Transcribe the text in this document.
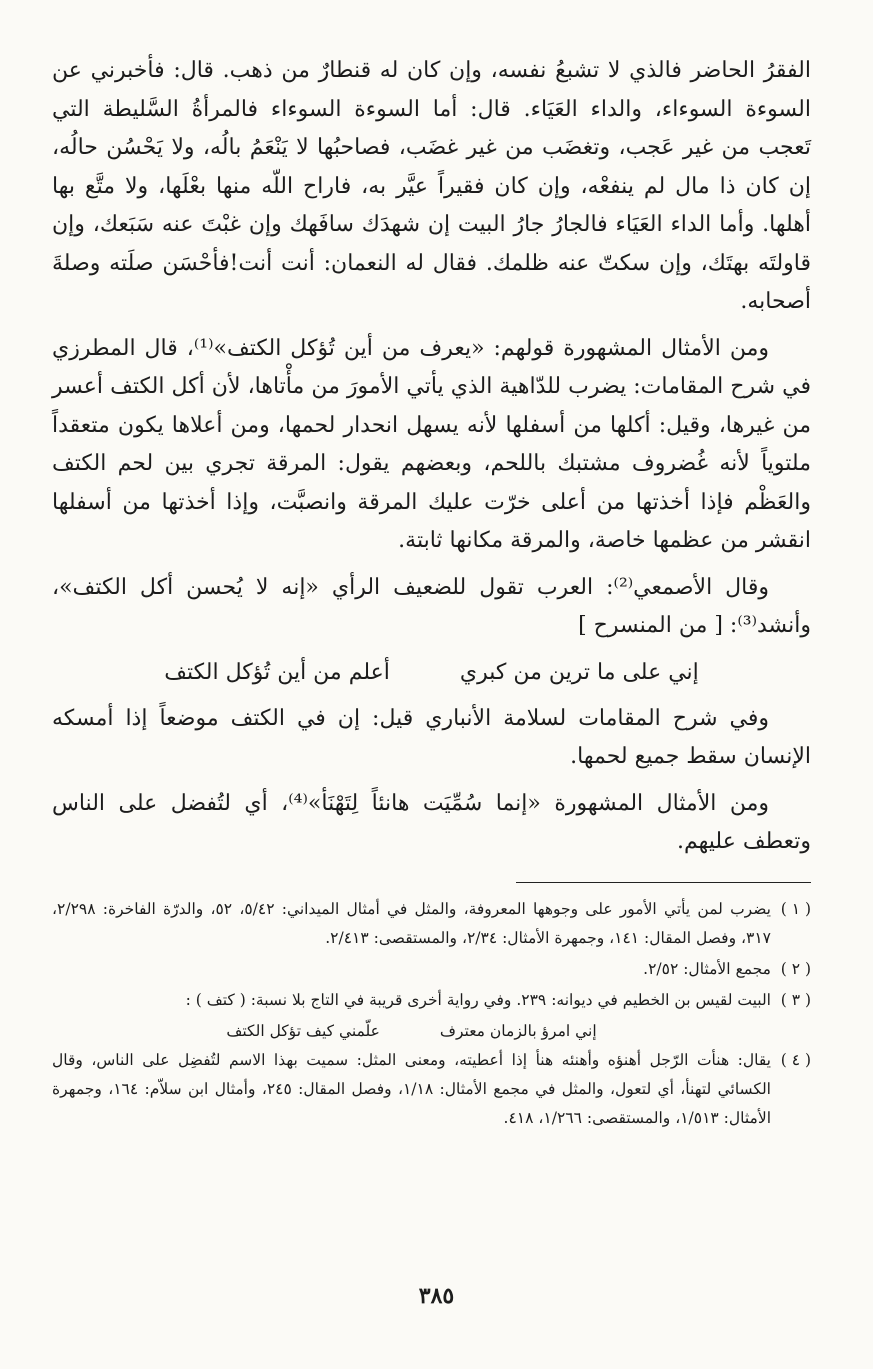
الفقرُ الحاضر فالذي لا تشبعُ نفسه، وإن كان له قنطارٌ من ذهب. قال: فأخبرني عن السوءة السوءاء، والداء العَيَاء. قال: أما السوءة السوءاء فالمرأةُ السَّليطة التي تَعجب من غير عَجب، وتغضَب من غير غضَب، فصاحبُها لا يَنْعَمُ بالُه، ولا يَحْسُن حالُه، إن كان ذا مال لم ينفعْه، وإن كان فقيراً عيَّر به، فاراح اللّه منها بعْلَها، ولا متَّع بها أهلها. وأما الداء العَيَاء فالجارُ جارُ البيت إن شهدَك سافَهك وإن غبْتَ عنه سَبَعك، وإن قاولتَه بهتَك، وإن سكتّ عنه ظلمك. فقال له النعمان: أنت أنت!فأحْسَن صلَته وصلةَ أصحابه.

ومن الأمثال المشهورة قولهم: «يعرف من أين تُؤكل الكتف»⁽¹⁾، قال المطرزي في شرح المقامات: يضرب للدّاهية الذي يأتي الأمورَ من مأْتاها، لأن أكل الكتف أعسر من غيرها، وقيل: أكلها من أسفلها لأنه يسهل انحدار لحمها، ومن أعلاها يكون متعقداً ملتوياً لأنه غُضروف مشتبك باللحم، وبعضهم يقول: المرقة تجري بين لحم الكتف والعَظْم فإذا أخذتها من أعلى خرّت عليك المرقة وانصبَّت، وإذا أخذتها من أسفلها انقشر من عظمها خاصة، والمرقة مكانها ثابتة.

وقال الأصمعي⁽²⁾: العرب تقول للضعيف الرأي «إنه لا يُحسن أكل الكتف»، وأنشد⁽³⁾: [ من المنسرح ]

إني على ما ترين من كبري
أعلم من أين تُؤكل الكتف

وفي شرح المقامات لسلامة الأنباري قيل: إن في الكتف موضعاً إذا أمسكه الإنسان سقط جميع لحمها.

ومن الأمثال المشهورة «إنما سُمِّيَت هانئاً لِتَهْنَأ»⁽⁴⁾، أي لتُفضل على الناس وتعطف عليهم.

( ١ )
يضرب لمن يأتي الأمور على وجوهها المعروفة، والمثل في أمثال الميداني: ٥/٤٢، ٥٢، والدرّة الفاخرة: ٢/٢٩٨، ٣١٧، وفصل المقال: ١٤١، وجمهرة الأمثال: ٢/٣٤، والمستقصى: ٢/٤١٣.
( ٢ )
مجمع الأمثال: ٢/٥٢.
( ٣ )
البيت لقيس بن الخطيم في ديوانه: ٢٣٩. وفي رواية أخرى قريبة في التاج بلا نسبة: ( كتف ) :
إني امرؤ بالزمان معترف
علّمني كيف تؤكل الكتف
( ٤ )
يقال: هنأت الرّجل أهنؤه وأهنئه هنأ إذا أعطيته، ومعنى المثل: سميت بهذا الاسم لتُفضِل على الناس، وقال الكسائي لتهنأ، أي لتعول، والمثل في مجمع الأمثال: ١/١٨، وفصل المقال: ٢٤٥، وأمثال ابن سلاّم: ١٦٤، وجمهرة الأمثال: ١/٥١٣، والمستقصى: ١/٢٦٦، ٤١٨.
٣٨٥
